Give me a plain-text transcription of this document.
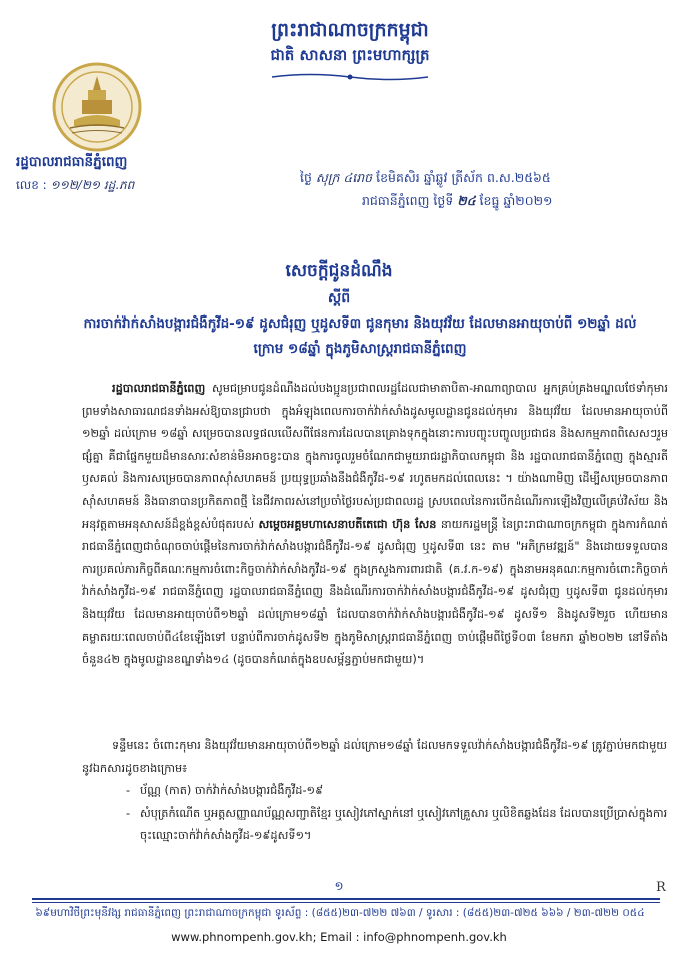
ព្រះរាជាណាចក្រកម្ពុជា
ជាតិ សាសនា ព្រះមហាក្សត្រ
រដ្ឋបាលរាជធានីភ្នំពេញ
លេខ : ១១២/២១ រដ្ឋ.ភព	ថ្ងៃ សុក្រ ៤រោច ខែមិគសិរ ឆ្នាំឆ្លូវ ត្រីស័ក ព.ស.២៥៦៥
រាជធានីភ្នំពេញ ថ្ងៃទី ២៤ ខែធ្នូ ឆ្នាំ២០២១
សេចក្តីជូនដំណឹង
ស្តីពី
ការចាក់វ៉ាក់សាំងបង្ការជំងឺកូវីដ-១៩ ដូសជំរុញ ឬដូសទី៣ ជូនកុមារ និងយុវវ័យ ដែលមានអាយុចាប់ពី ១២ឆ្នាំ ដល់ក្រោម ១៨ឆ្នាំ ក្នុងភូមិសាស្ត្ររាជធានីភ្នំពេញ

រដ្ឋបាលរាជធានីភ្នំពេញ សូមជម្រាបជូនដំណឹងដល់បងប្អូនប្រជាពលរដ្ឋដែលជាមាតាបិតា-អាណាព្យាបាល អ្នកគ្រប់គ្រងមណ្ឌលថែទាំកុមារ ព្រមទាំងសាធារណជនទាំងអស់ឱ្យបានជ្រាបថា ក្នុងអំឡុងពេលការចាក់វ៉ាក់សាំងដូសមូលដ្ឋានជូនដល់កុមារ និងយុវវ័យ ដែលមានអាយុចាប់ពី ១២ឆ្នាំ ដល់ក្រោម ១៨ឆ្នាំ សម្រេចបានលទ្ធផលលើសពីផែនការដែលបានគ្រោងទុកក្នុងនោះការបញ្ចុះបញ្ចូលប្រជាជន និងសកម្មភាពពិសេសៗរួមផ្សំគ្នា គឺជាផ្នែកមួយដ៏មានសារៈសំខាន់មិនអាចខ្វះបាន ក្នុងការចូលរួមចំណែកជាមួយរាជរដ្ឋាភិបាលកម្ពុជា និង រដ្ឋបាលរាជធានីភ្នំពេញ ក្នុងស្មារតីឫសគល់ និងការសម្រេចបានភាពស៊ាំសហគមន៍ ប្រយុទ្ធប្រឆាំងនឹងជំងឺកូវីដ-១៩ រហូតមកដល់ពេលនេះ ។ យ៉ាងណាមិញ ដើម្បីសម្រេចបានភាពស៊ាំសហគមន៍ និងធានាបានប្រកិតភាពថ្មី នៃជីវភាពរស់នៅប្រចាំថ្ងៃរបស់ប្រជាពលរដ្ឋ ស្របពេលនៃការបើកដំណើរការឡើងវិញលើគ្រប់វិស័យ និងអនុវត្តតាមអនុសាសន៍ដ៏ខ្ពង់ខ្ពស់បំផុតរបស់ សម្តេចអគ្គមហាសេនាបតីតេជោ ហ៊ុន សែន នាយករដ្ឋមន្ត្រី នៃព្រះរាជាណាចក្រកម្ពុជា ក្នុងការកំណត់រាជធានីភ្នំពេញជាចំណុចចាប់ផ្តើមនៃការចាក់វ៉ាក់សាំងបង្ការជំងឺកូវីដ-១៩ ដូសជំរុញ ឬដូសទី៣ នេះ តាម "អភិក្រមវឌ្ឍន៍" និងដោយទទួលបានការប្រគល់ភារកិច្ចពីគណៈកម្មការចំពោះកិច្ចចាក់វ៉ាក់សាំងកូវីដ-១៩ ក្នុងក្រសួងការពារជាតិ (គ.វ.ក-១៩) ក្នុងនាមអនុគណៈកម្មការចំពោះកិច្ចចាក់វ៉ាក់សាំងកូវីដ-១៩ រាជធានីភ្នំពេញ រដ្ឋបាលរាជធានីភ្នំពេញ នឹងដំណើរការចាក់វ៉ាក់សាំងបង្ការជំងឺកូវីដ-១៩ ដូសជំរុញ ឬដូសទី៣ ជូនដល់កុមារ និងយុវវ័យ ដែលមានអាយុចាប់ពី១២ឆ្នាំ ដល់ក្រោម១៨ឆ្នាំ ដែលបានចាក់វ៉ាក់សាំងបង្ការជំងឺកូវីដ-១៩ ដូសទី១ និងដូសទី២រួច ហើយមានគម្លាតរយៈពេលចាប់ពី៤ខែឡើងទៅ បន្ទាប់ពីការចាក់ដូសទី២ ក្នុងភូមិសាស្ត្ររាជធានីភ្នំពេញ ចាប់ផ្តើមពីថ្ងៃទី០៣ ខែមករា ឆ្នាំ២០២២ នៅទីតាំងចំនួន៤២ ក្នុងមូលដ្ឋានខណ្ឌទាំង១៤ (ដូចបានកំណត់ក្នុងឧបសម្ព័ន្ធភ្ជាប់មកជាមួយ)។

ទន្ទឹមនេះ ចំពោះកុមារ និងយុវវ័យមានអាយុចាប់ពី១២ឆ្នាំ ដល់ក្រោម១៨ឆ្នាំ ដែលមកទទួលវ៉ាក់សាំងបង្ការជំងឺកូវីដ-១៩ ត្រូវភ្ជាប់មកជាមួយនូវឯកសារដូចខាងក្រោម៖

- ប័ណ្ណ (កាត) ចាក់វ៉ាក់សាំងបង្ការជំងឺកូវីដ-១៩
- សំបុត្រកំណើត ឬអត្តសញ្ញាណប័ណ្ណសញ្ជាតិខ្មែរ ឬសៀវភៅស្នាក់នៅ ឬសៀវភៅគ្រួសារ ឬលិខិតឆ្លងដែន ដែលបានប្រើប្រាស់ក្នុងការចុះឈ្មោះចាក់វ៉ាក់សាំងកូវីដ-១៩ដូសទី១។
១	R
៦៩មហាវិថីព្រះមុនីវង្ស រាជធានីភ្នំពេញ ព្រះរាជាណាចក្រកម្ពុជា ទូរស័ព្ទ : (៨៥៥)២៣-៧២២ ៧៦៣ / ទូរសារ : (៨៥៥)២៣-៧២៥ ៦៦៦ / ២៣-៧២២ ០៥៤
www.phnompenh.gov.kh; Email : info@phnompenh.gov.kh
